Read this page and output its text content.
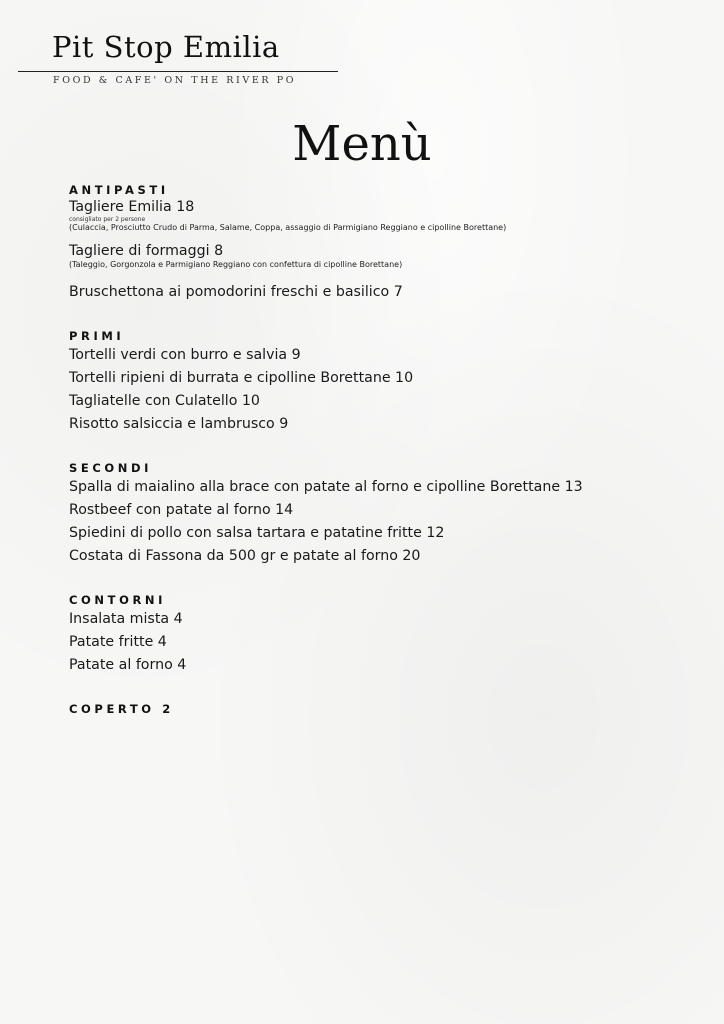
Pit Stop Emilia
FOOD & CAFE' ON THE RIVER PO
Menù
ANTIPASTI
Tagliere Emilia 18
consigliato per 2 persone
(Culaccia, Prosciutto Crudo di Parma, Salame, Coppa, assaggio di Parmigiano Reggiano e cipolline Borettane)
Tagliere di formaggi 8
(Taleggio, Gorgonzola e Parmigiano Reggiano con confettura di cipolline Borettane)
Bruschettona ai pomodorini freschi e basilico 7
PRIMI
Tortelli verdi con burro e salvia 9
Tortelli ripieni di burrata e cipolline Borettane 10
Tagliatelle con Culatello 10
Risotto salsiccia e lambrusco 9
SECONDI
Spalla di maialino alla brace con patate al forno e cipolline Borettane 13
Rostbeef con patate al forno 14
Spiedini di pollo con salsa tartara e patatine fritte 12
Costata di Fassona da 500 gr e patate al forno 20
CONTORNI
Insalata mista 4
Patate fritte 4
Patate al forno 4
COPERTO 2
